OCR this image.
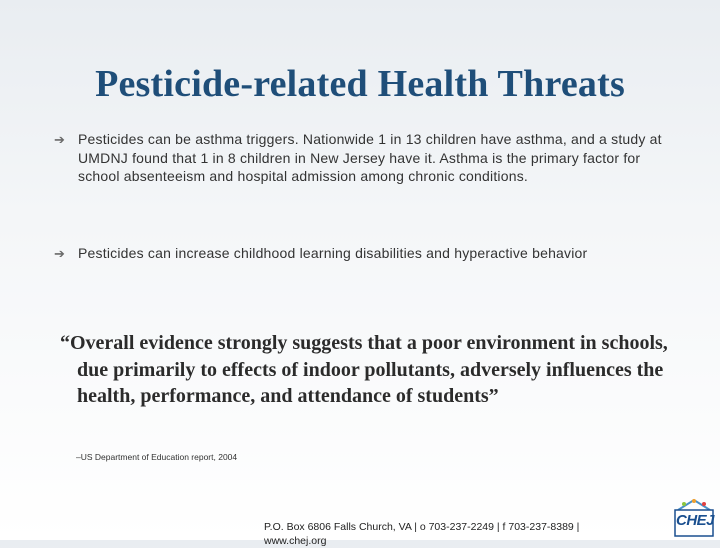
Pesticide-related Health Threats
➔ Pesticides can be asthma triggers. Nationwide 1 in 13 children have asthma, and a study at UMDNJ found that 1 in 8 children in New Jersey have it. Asthma is the primary factor for school absenteeism and hospital admission among chronic conditions.
➔ Pesticides can increase childhood learning disabilities and hyperactive behavior
“Overall evidence strongly suggests that a poor environment in schools, due primarily to effects of indoor pollutants, adversely influences the health, performance, and attendance of students”
–US Department of Education report, 2004
P.O. Box 6806 Falls Church, VA | o 703-237-2249 | f 703-237-8389 | www.chej.org
CHEJ
